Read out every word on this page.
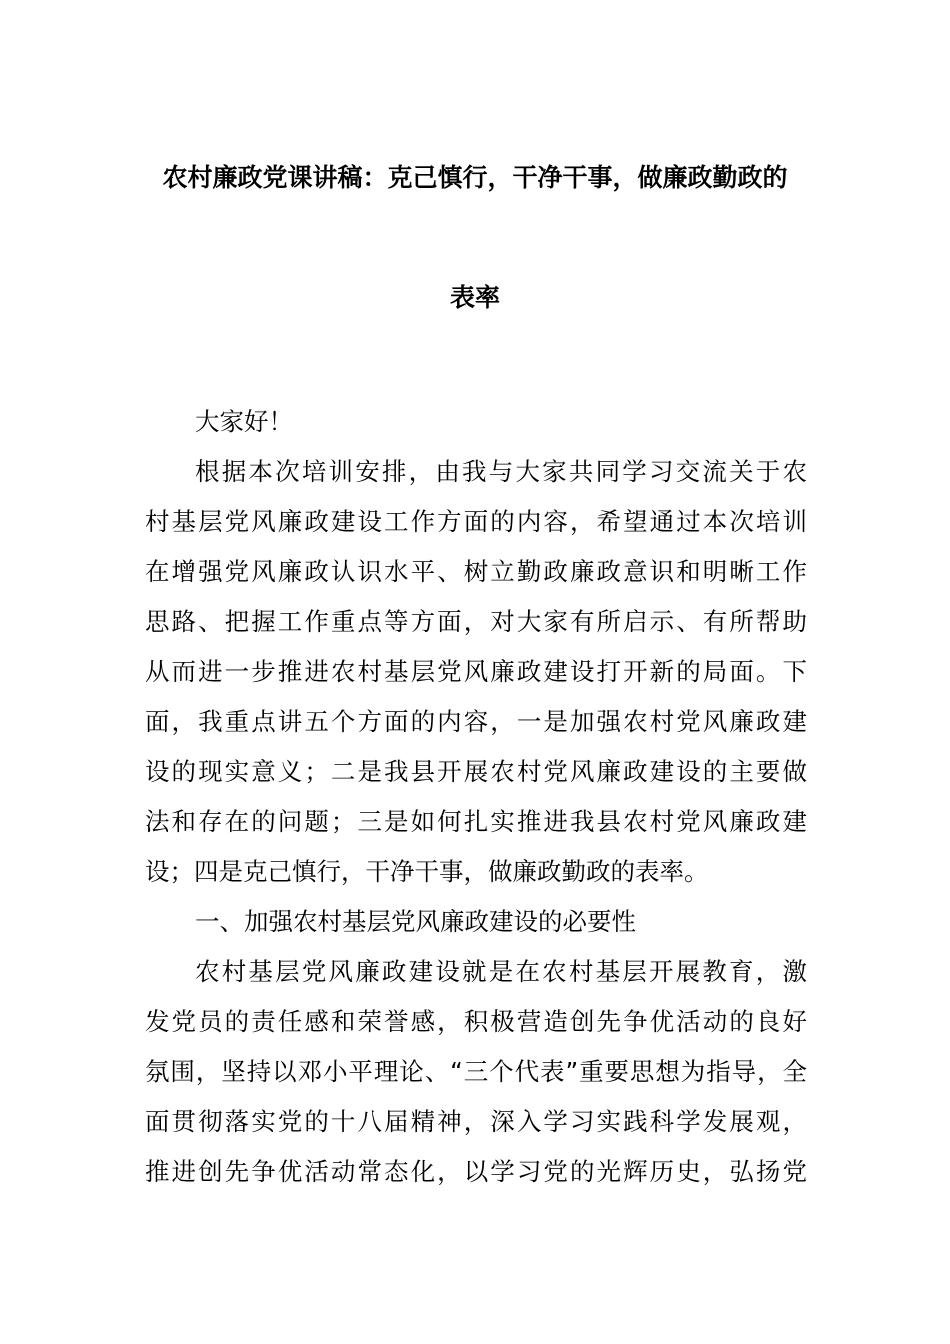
农村廉政党课讲稿：克己慎行，干净干事，做廉政勤政的
表率
大家好！
根据本次培训安排，由我与大家共同学习交流关于农
村基层党风廉政建设工作方面的内容，希望通过本次培训
在增强党风廉政认识水平、树立勤政廉政意识和明晰工作
思路、把握工作重点等方面，对大家有所启示、有所帮助
从而进一步推进农村基层党风廉政建设打开新的局面。下
面，我重点讲五个方面的内容，一是加强农村党风廉政建
设的现实意义；二是我县开展农村党风廉政建设的主要做
法和存在的问题；三是如何扎实推进我县农村党风廉政建
设；四是克己慎行，干净干事，做廉政勤政的表率。
一、加强农村基层党风廉政建设的必要性
农村基层党风廉政建设就是在农村基层开展教育，激
发党员的责任感和荣誉感，积极营造创先争优活动的良好
氛围，坚持以邓小平理论、“三个代表”重要思想为指导，全
面贯彻落实党的十八届精神，深入学习实践科学发展观，
推进创先争优活动常态化，以学习党的光辉历史，弘扬党
